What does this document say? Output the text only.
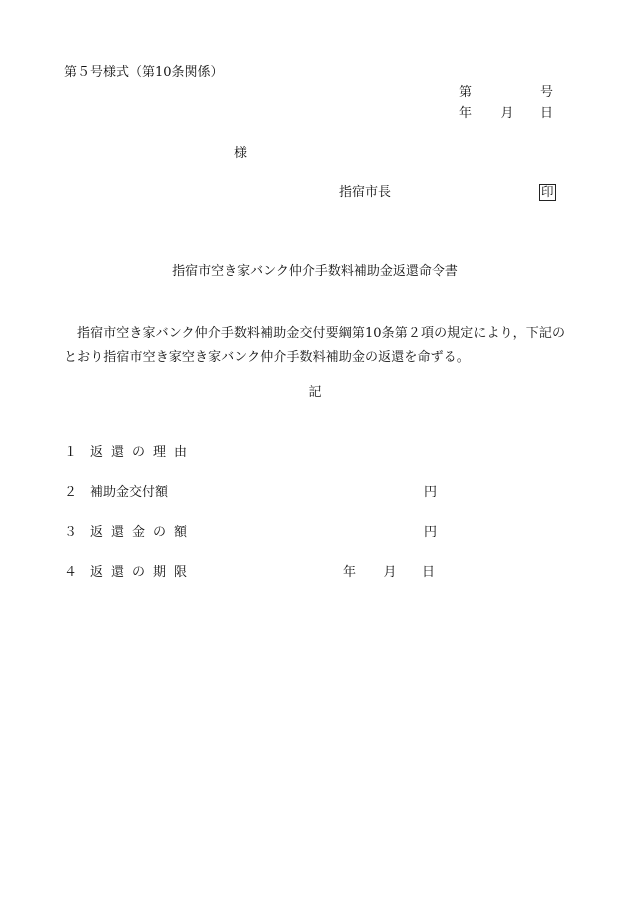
第５号様式（第10条関係）
第	号
年 月 日
様
指宿市長	印
指宿市空き家バンク仲介手数料補助金返還命令書
指宿市空き家バンク仲介手数料補助金交付要綱第10条第２項の規定により，下記の
とおり指宿市空き家空き家バンク仲介手数料補助金の返還を命ずる。
記
１ 返還の理由
２ 補助金交付額	円
３ 返還金の額	円
４ 返還の期限	年 月 日
